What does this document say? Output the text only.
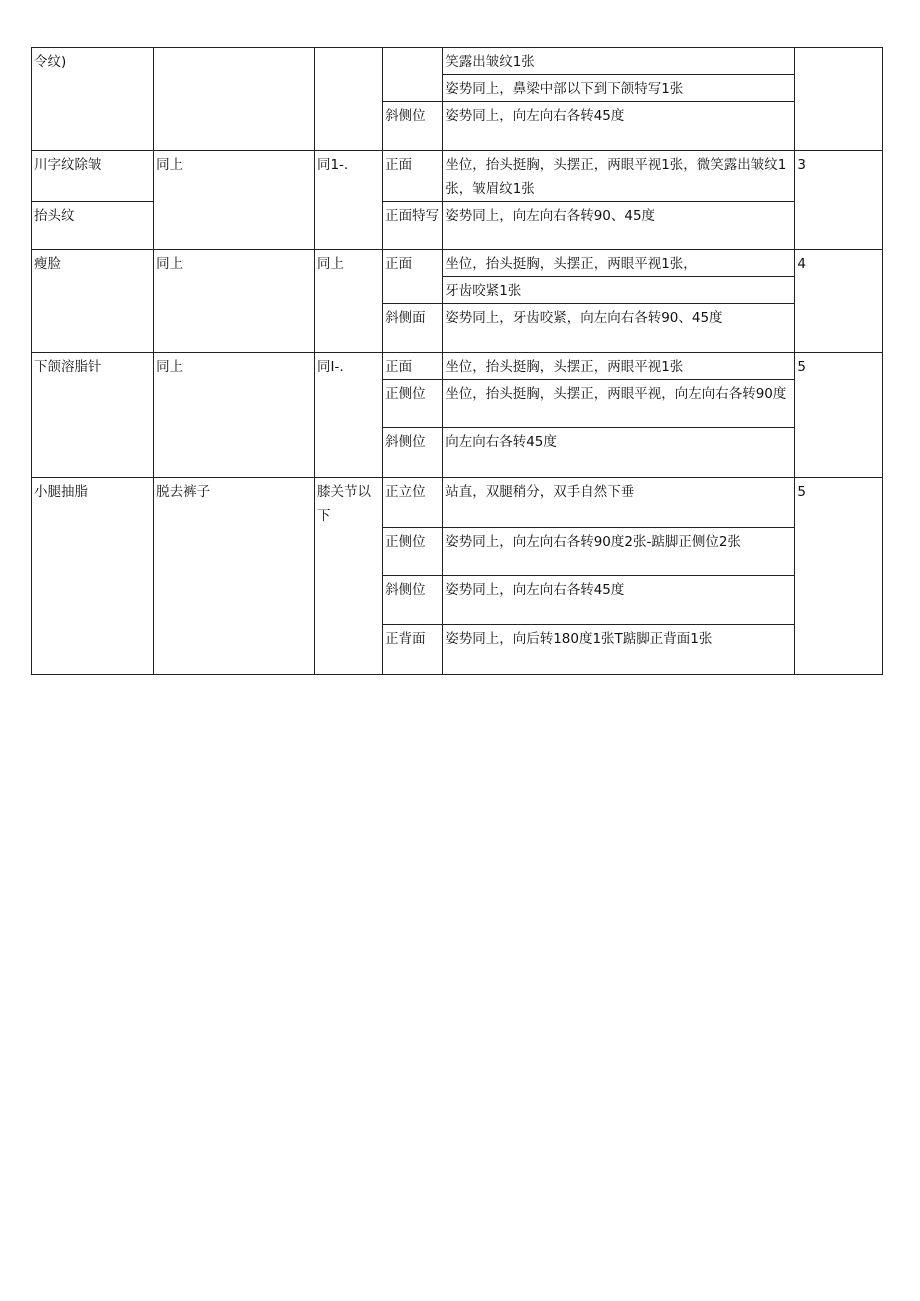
令纹)				笑露出皱纹1张	
				姿势同上，鼻梁中部以下到下颌特写1张	
			斜侧位	姿势同上，向左向右各转45度	
川字纹除皱	同上	同1-.	正面	坐位，抬头挺胸，头摆正，两眼平视1张，微笑露出皱纹1张，皱眉纹1张	3
抬头纹			正面特写	姿势同上，向左向右各转90、45度	
瘦脸	同上	同上	正面	坐位，抬头挺胸，头摆正，两眼平视1张，	4
				牙齿咬紧1张	
			斜侧面	姿势同上，牙齿咬紧，向左向右各转90、45度	
下颌溶脂针	同上	同I-.	正面	坐位，抬头挺胸，头摆正，两眼平视1张	5
			正侧位	坐位，抬头挺胸，头摆正，两眼平视，向左向右各转90度	
			斜侧位	向左向右各转45度	
小腿抽脂	脱去裤子	膝关节以下	正立位	站直，双腿稍分，双手自然下垂	5
			正侧位	姿势同上，向左向右各转90度2张-踮脚正侧位2张	
			斜侧位	姿势同上，向左向右各转45度	
			正背面	姿势同上，向后转180度1张T踮脚正背面1张	
